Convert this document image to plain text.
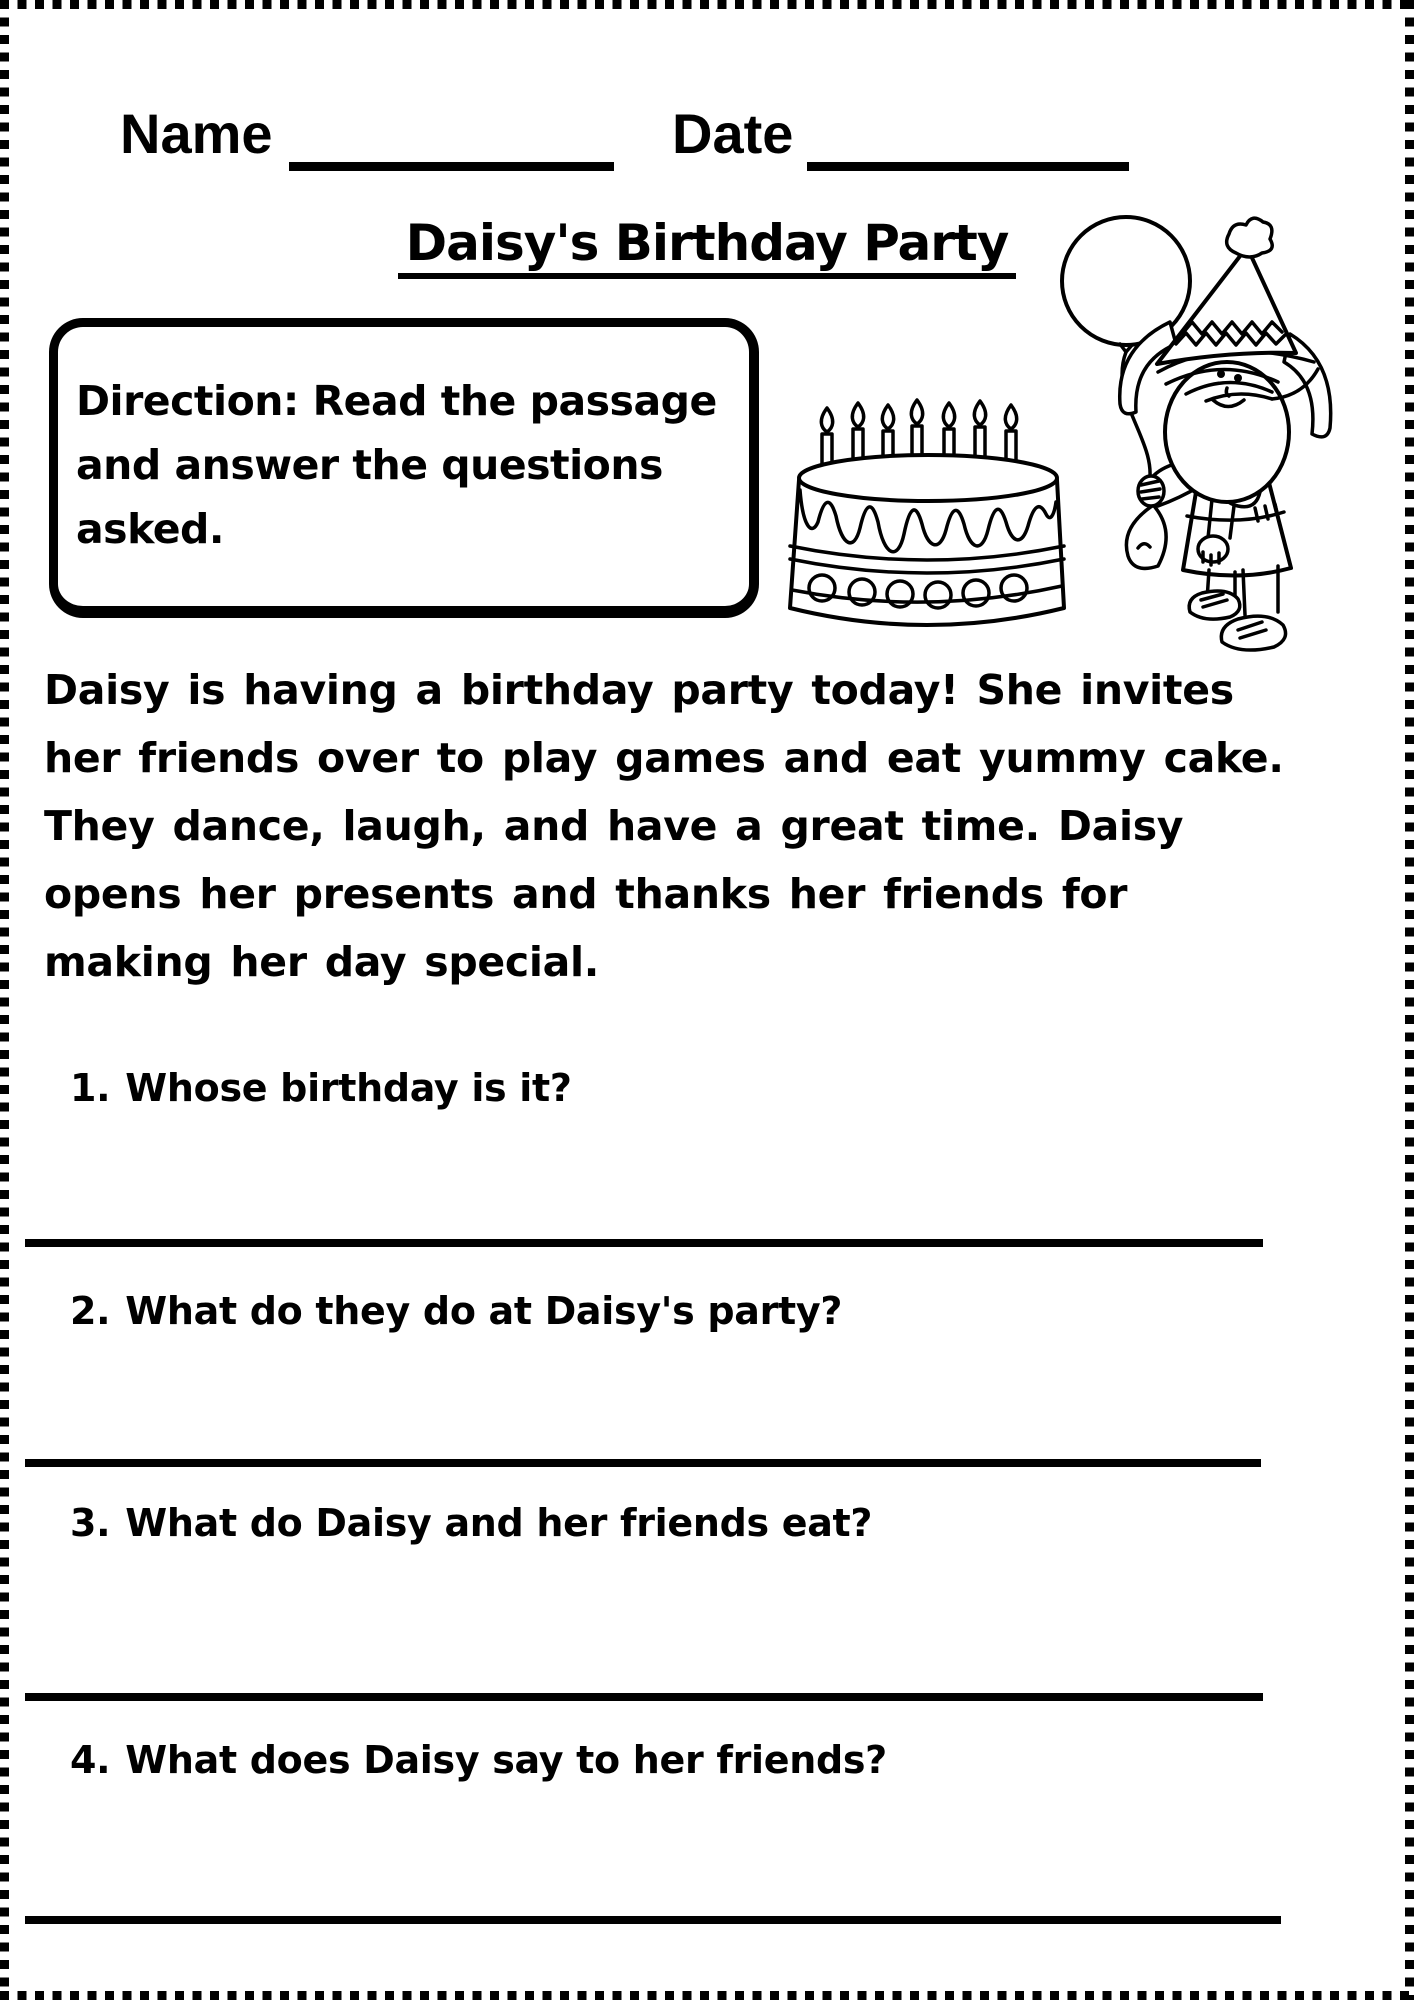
Name	Date
Daisy's Birthday Party
Direction: Read the passage
and answer the questions
asked.
Daisy is having a birthday party today! She invites
her friends over to play games and eat yummy cake.
They dance, laugh, and have a great time. Daisy
opens her presents and thanks her friends for
making her day special.
1. Whose birthday is it?
2. What do they do at Daisy's party?
3. What do Daisy and her friends eat?
4. What does Daisy say to her friends?
